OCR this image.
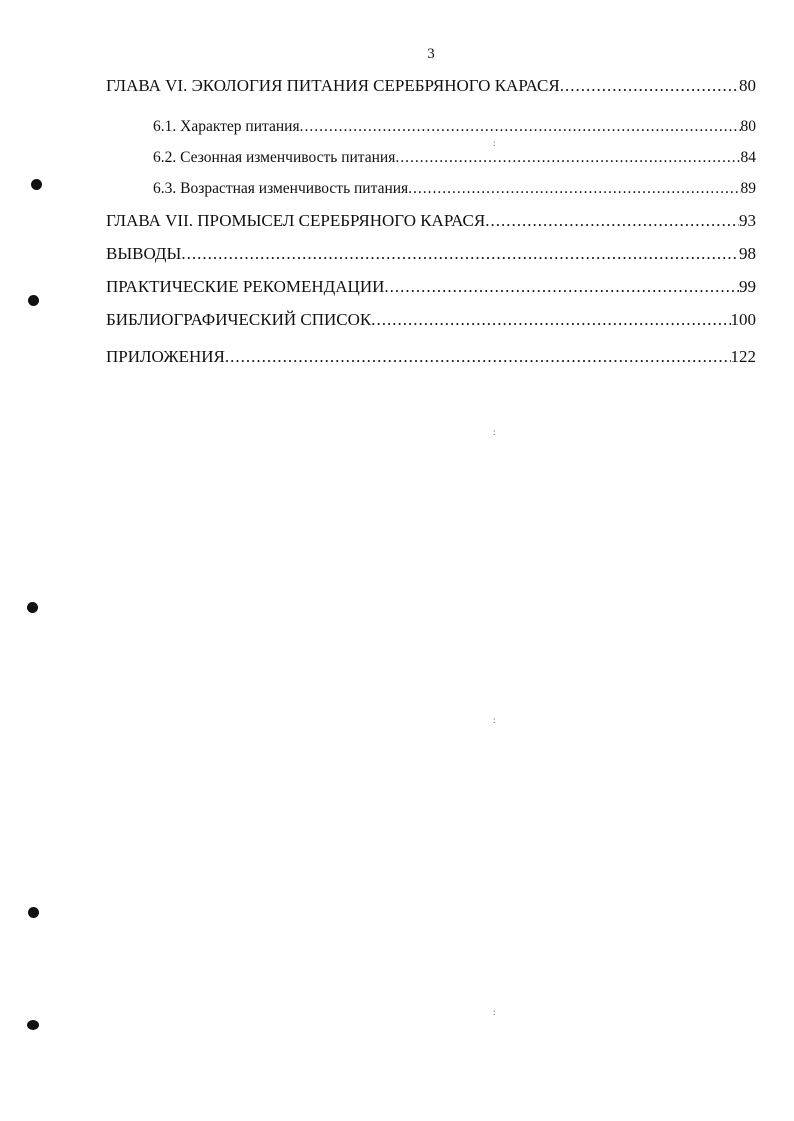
3
ГЛАВА VI. ЭКОЛОГИЯ ПИТАНИЯ СЕРЕБРЯНОГО КАРАСЯ .....	80
6.1. Характер питания .....	80
6.2. Сезонная изменчивость питания .....	84
6.3. Возрастная изменчивость питания .....	89
ГЛАВА VII. ПРОМЫСЕЛ СЕРЕБРЯНОГО КАРАСЯ .....	93
ВЫВОДЫ .....	98
ПРАКТИЧЕСКИЕ РЕКОМЕНДАЦИИ .....	99
БИБЛИОГРАФИЧЕСКИЙ СПИСОК .....	100
ПРИЛОЖЕНИЯ .....	122
:
:
:
:
